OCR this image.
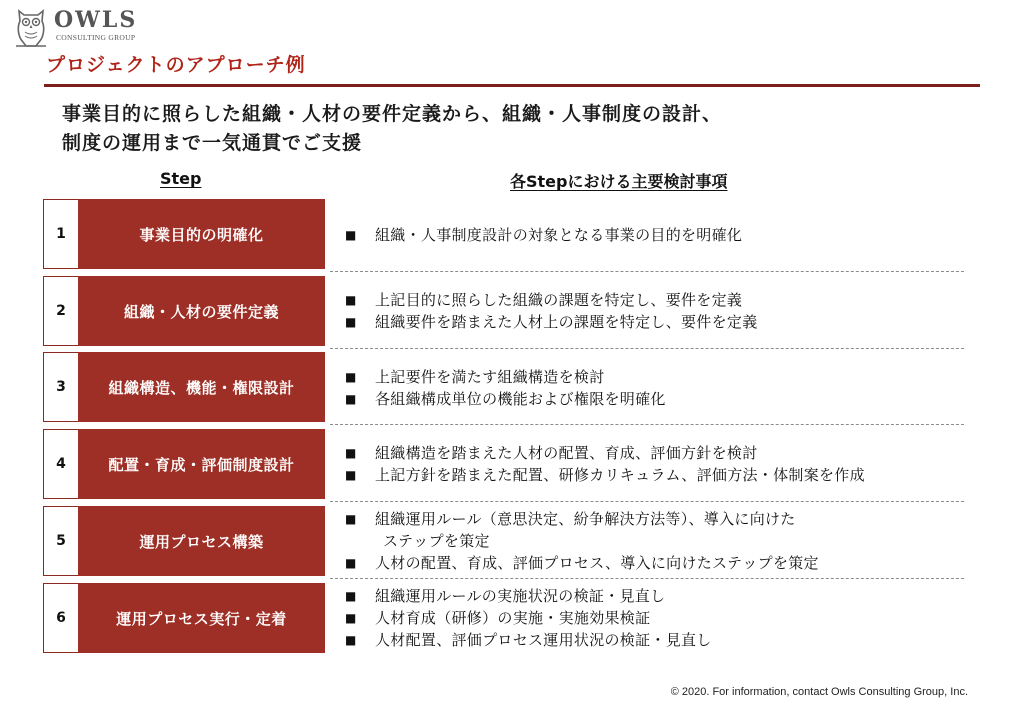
OWLS
CONSULTING GROUP
プロジェクトのアプローチ例
事業目的に照らした組織・人材の要件定義から、組織・人事制度の設計、
制度の運用まで一気通貫でご支援
Step	各Stepにおける主要検討事項
1	事業目的の明確化	■ 組織・人事制度設計の対象となる事業の目的を明確化
2	組織・人材の要件定義
■ 上記目的に照らした組織の課題を特定し、要件を定義
■ 組織要件を踏まえた人材上の課題を特定し、要件を定義
3	組織構造、機能・権限設計
■ 上記要件を満たす組織構造を検討
■ 各組織構成単位の機能および権限を明確化
4	配置・育成・評価制度設計
■ 組織構造を踏まえた人材の配置、育成、評価方針を検討
■ 上記方針を踏まえた配置、研修カリキュラム、評価方法・体制案を作成
5	運用プロセス構築
■ 組織運用ルール（意思決定、紛争解決方法等）、導入に向けた
ステップを策定
■ 人材の配置、育成、評価プロセス、導入に向けたステップを策定
6	運用プロセス実行・定着
■ 組織運用ルールの実施状況の検証・見直し
■ 人材育成（研修）の実施・実施効果検証
■ 人材配置、評価プロセス運用状況の検証・見直し
© 2020. For information, contact Owls Consulting Group, Inc.
